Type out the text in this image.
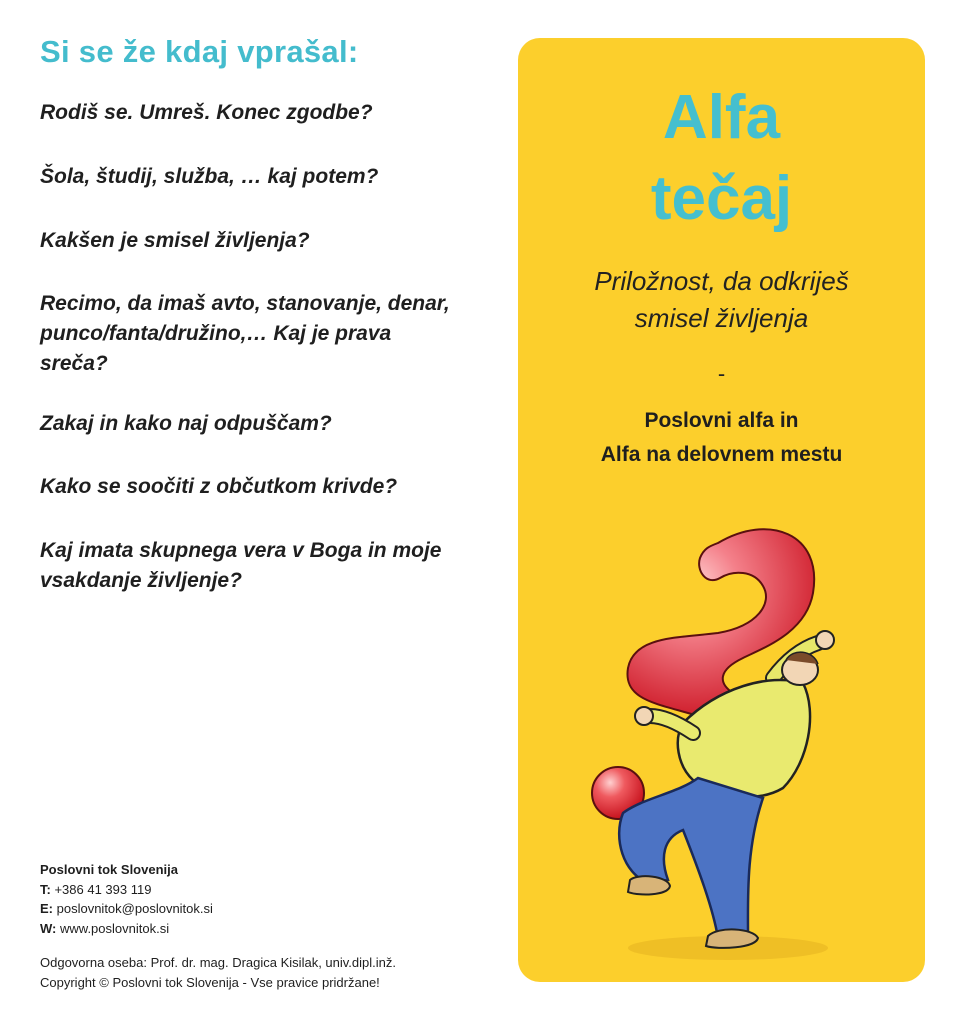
Si se že kdaj vprašal:

Rodiš se. Umreš. Konec zgodbe?

Šola, študij, služba, … kaj potem?

Kakšen je smisel življenja?

Recimo, da imaš avto, stanovanje, denar, punco/fanta/družino,… Kaj je prava sreča?

Zakaj in kako naj odpuščam?

Kako se soočiti z občutkom krivde?

Kaj imata skupnega vera v Boga in moje vsakdanje življenje?

Poslovni tok Slovenija
T: +386 41 393 119
E: poslovnitok@poslovnitok.si
W: www.poslovnitok.si
Odgovorna oseba: Prof. dr. mag. Dragica Kisilak, univ.dipl.inž.
Copyright © Poslovni tok Slovenija - Vse pravice pridržane!
Alfa
tečaj
Priložnost, da odkriješ
smisel življenja
-
Poslovni alfa in
Alfa na delovnem mestu
